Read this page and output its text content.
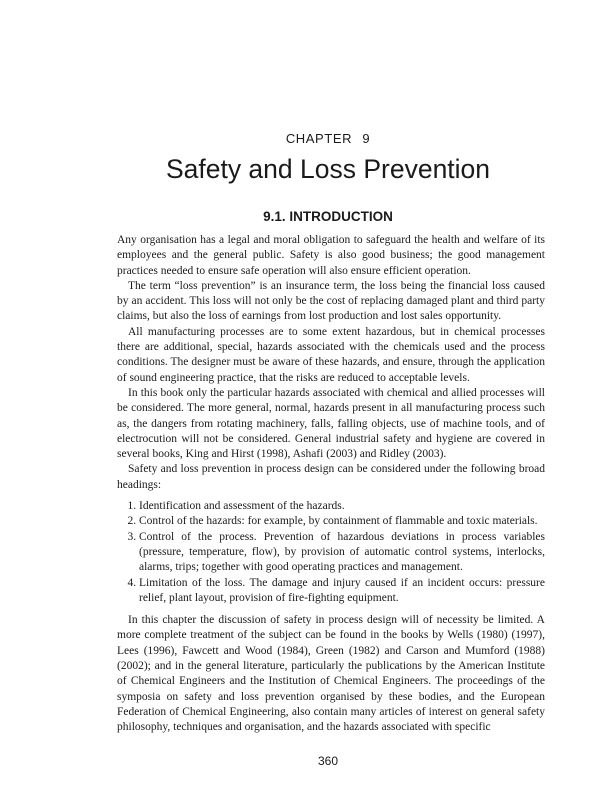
CHAPTER 9
Safety and Loss Prevention
9.1. INTRODUCTION

Any organisation has a legal and moral obligation to safeguard the health and welfare of its employees and the general public. Safety is also good business; the good management practices needed to ensure safe operation will also ensure efficient operation.

The term “loss prevention” is an insurance term, the loss being the financial loss caused by an accident. This loss will not only be the cost of replacing damaged plant and third party claims, but also the loss of earnings from lost production and lost sales opportunity.

All manufacturing processes are to some extent hazardous, but in chemical processes there are additional, special, hazards associated with the chemicals used and the process conditions. The designer must be aware of these hazards, and ensure, through the application of sound engineering practice, that the risks are reduced to acceptable levels.

In this book only the particular hazards associated with chemical and allied processes will be considered. The more general, normal, hazards present in all manufacturing process such as, the dangers from rotating machinery, falls, falling objects, use of machine tools, and of electrocution will not be considered. General industrial safety and hygiene are covered in several books, King and Hirst (1998), Ashafi (2003) and Ridley (2003).

Safety and loss prevention in process design can be considered under the following broad headings:

1. Identification and assessment of the hazards.
2. Control of the hazards: for example, by containment of flammable and toxic materials.
3. Control of the process. Prevention of hazardous deviations in process variables (pressure, temperature, flow), by provision of automatic control systems, interlocks, alarms, trips; together with good operating practices and management.
4. Limitation of the loss. The damage and injury caused if an incident occurs: pressure relief, plant layout, provision of fire-fighting equipment.

In this chapter the discussion of safety in process design will of necessity be limited. A more complete treatment of the subject can be found in the books by Wells (1980) (1997), Lees (1996), Fawcett and Wood (1984), Green (1982) and Carson and Mumford (1988) (2002); and in the general literature, particularly the publications by the American Institute of Chemical Engineers and the Institution of Chemical Engineers. The proceedings of the symposia on safety and loss prevention organised by these bodies, and the European Federation of Chemical Engineering, also contain many articles of interest on general safety philosophy, techniques and organisation, and the hazards associated with specific

360
